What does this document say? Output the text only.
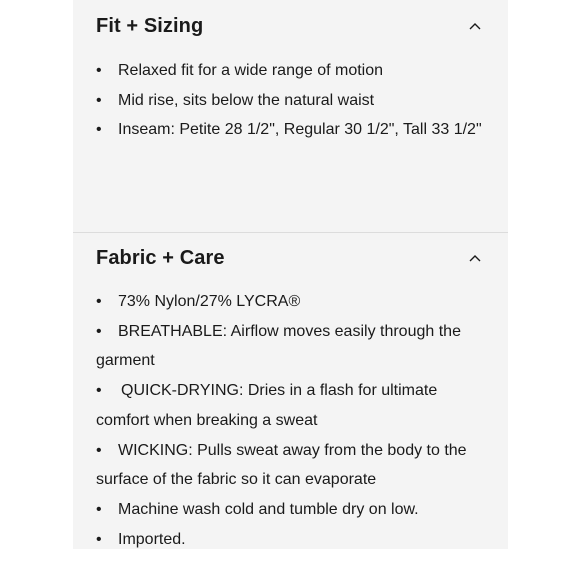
Fit + Sizing
• Relaxed fit for a wide range of motion
• Mid rise, sits below the natural waist
• Inseam: Petite 28 1/2", Regular 30 1/2", Tall 33 1/2"
Fabric + Care
• 73% Nylon/27% LYCRA®
• BREATHABLE: Airflow moves easily through the garment
• QUICK-DRYING: Dries in a flash for ultimate comfort when breaking a sweat
• WICKING: Pulls sweat away from the body to the surface of the fabric so it can evaporate
• Machine wash cold and tumble dry on low.
• Imported.
